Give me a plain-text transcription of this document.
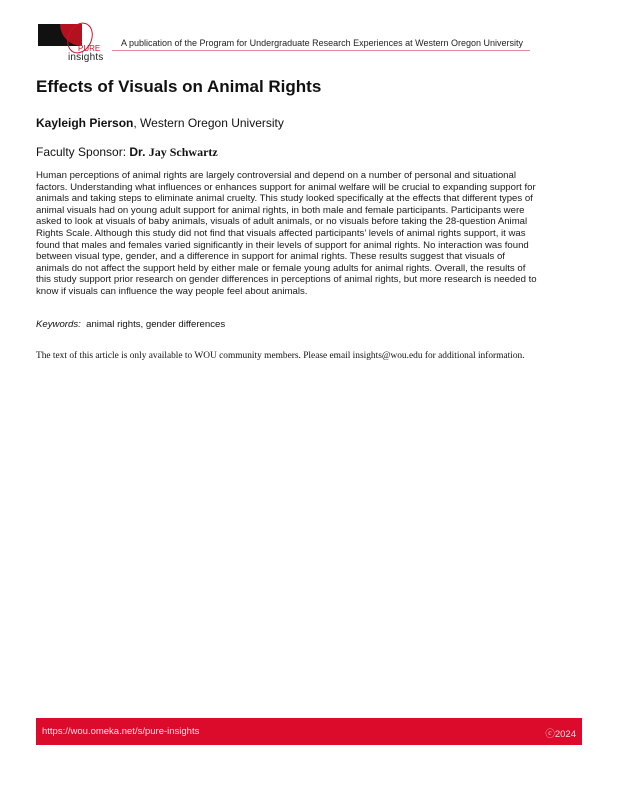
PURE
insights
A publication of the Program for Undergraduate Research Experiences at Western Oregon University
Effects of Visuals on Animal Rights
Kayleigh Pierson, Western Oregon University
Faculty Sponsor: Dr. Jay Schwartz
Human perceptions of animal rights are largely controversial and depend on a number of personal and situational
factors. Understanding what influences or enhances support for animal welfare will be crucial to expanding support for
animals and taking steps to eliminate animal cruelty. This study looked specifically at the effects that different types of
animal visuals had on young adult support for animal rights, in both male and female participants. Participants were
asked to look at visuals of baby animals, visuals of adult animals, or no visuals before taking the 28-question Animal
Rights Scale. Although this study did not find that visuals affected participants’ levels of animal rights support, it was
found that males and females varied significantly in their levels of support for animal rights. No interaction was found
between visual type, gender, and a difference in support for animal rights. These results suggest that visuals of
animals do not affect the support held by either male or female young adults for animal rights. Overall, the results of
this study support prior research on gender differences in perceptions of animal rights, but more research is needed to
know if visuals can influence the way people feel about animals.
Keywords: animal rights, gender differences
The text of this article is only available to WOU community members. Please email insights@wou.edu for additional information.
https://wou.omeka.net/s/pure-insights	ⓒ2024
